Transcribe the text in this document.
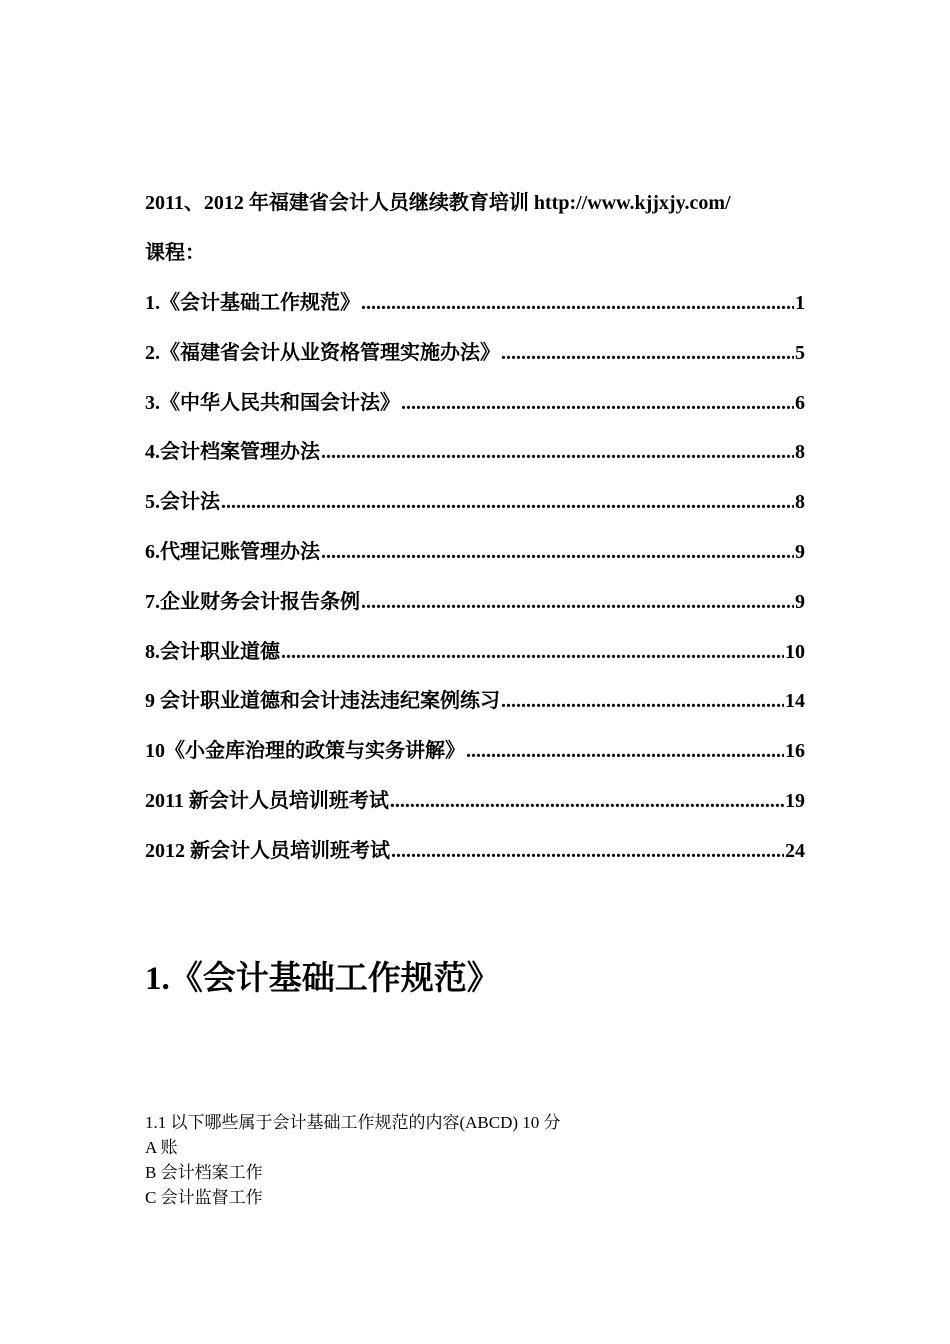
2011、2012 年福建省会计人员继续教育培训 http://www.kjjxjy.com/
课程：
1.《会计基础工作规范》 .....	1
2.《福建省会计从业资格管理实施办法》 .....	5
3.《中华人民共和国会计法》 .....	6
4.会计档案管理办法 .....	8
5.会计法 .....	8
6.代理记账管理办法 .....	9
7.企业财务会计报告条例 .....	9
8.会计职业道德 .....	10
9 会计职业道德和会计违法违纪案例练习 .....	14
10《小金库治理的政策与实务讲解》 .....	16
2011 新会计人员培训班考试 .....	19
2012 新会计人员培训班考试 .....	24
1.《会计基础工作规范》
1.1 以下哪些属于会计基础工作规范的内容(ABCD) 10 分
A 账
B 会计档案工作
C 会计监督工作
